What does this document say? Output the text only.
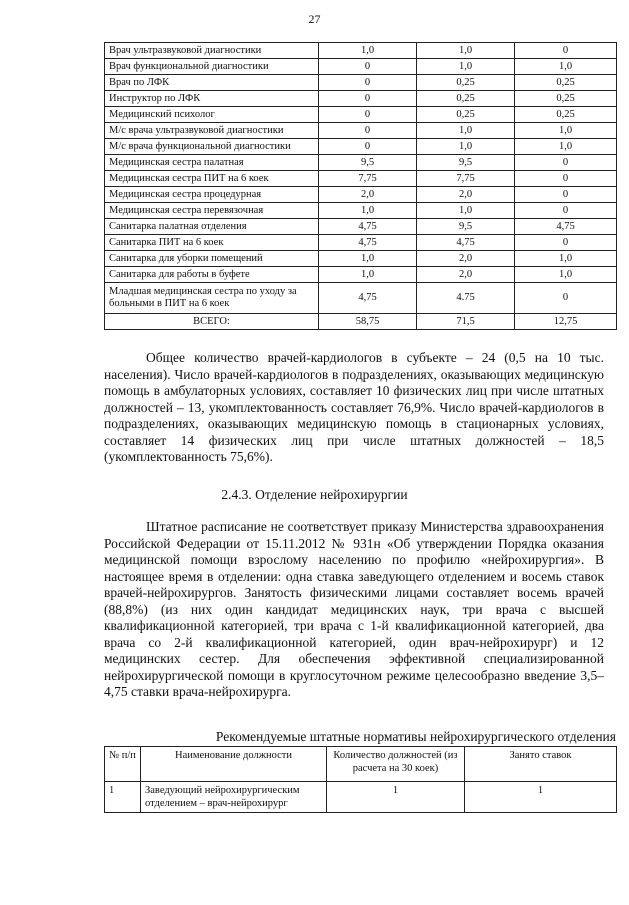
27
Врач ультразвуковой диагностики	1,0	1,0	0
Врач функциональной диагностики	0	1,0	1,0
Врач по ЛФК	0	0,25	0,25
Инструктор по ЛФК	0	0,25	0,25
Медицинский психолог	0	0,25	0,25
М/с врача ультразвуковой диагностики	0	1,0	1,0
М/с врача функциональной диагностики	0	1,0	1,0
Медицинская сестра палатная	9,5	9,5	0
Медицинская сестра ПИТ на 6 коек	7,75	7,75	0
Медицинская сестра процедурная	2,0	2,0	0
Медицинская сестра перевязочная	1,0	1,0	0
Санитарка палатная отделения	4,75	9,5	4,75
Санитарка ПИТ на 6 коек	4,75	4,75	0
Санитарка для уборки помещений	1,0	2,0	1,0
Санитарка для работы в буфете	1,0	2,0	1,0
Младшая медицинская сестра по уходу за больными в ПИТ на 6 коек	4,75	4.75	0
ВСЕГО:	58,75	71,5	12,75

Общее количество врачей-кардиологов в субъекте – 24 (0,5 на 10 тыс. населения). Число врачей-кардиологов в подразделениях, оказывающих медицинскую помощь в амбулаторных условиях, составляет 10 физических лиц при числе штатных должностей – 13, укомплектованность составляет 76,9%. Число врачей-кардиологов в подразделениях, оказывающих медицинскую помощь в стационарных условиях, составляет 14 физических лиц при числе штатных должностей – 18,5 (укомплектованность 75,6%).

2.4.3. Отделение нейрохирургии

Штатное расписание не соответствует приказу Министерства здравоохранения Российской Федерации от 15.11.2012 № 931н «Об утверждении Порядка оказания медицинской помощи взрослому населению по профилю «нейрохирургия». В настоящее время в отделении: одна ставка заведующего отделением и восемь ставок врачей-нейрохирургов. Занятость физическими лицами составляет восемь врачей (88,8%) (из них один кандидат медицинских наук, три врача с высшей квалификационной категорией, три врача с 1-й квалификационной категорией, два врача со 2-й квалификационной категорией, один врач-нейрохирург) и 12 медицинских сестер. Для обеспечения эффективной специализированной нейрохирургической помощи в круглосуточном режиме целесообразно введение 3,5–4,75 ставки врача-нейрохирурга.

Рекомендуемые штатные нормативы нейрохирургического отделения
№ п/п	Наименование должности	Количество должностей (из расчета на 30 коек)	Занято ставок
1	Заведующий нейрохирургическим отделением – врач-нейрохирург	1	1
